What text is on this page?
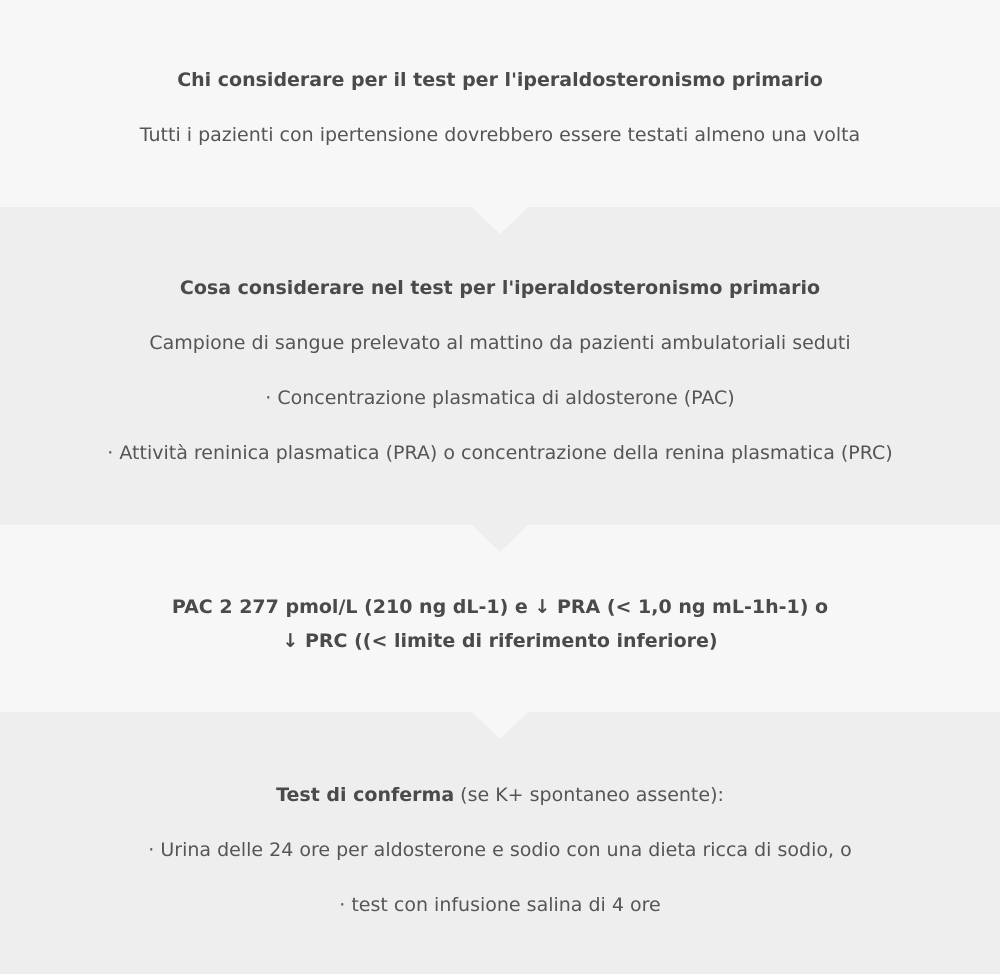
Chi considerare per il test per l'iperaldosteronismo primario
Tutti i pazienti con ipertensione dovrebbero essere testati almeno una volta
Cosa considerare nel test per l'iperaldosteronismo primario
Campione di sangue prelevato al mattino da pazienti ambulatoriali seduti
· Concentrazione plasmatica di aldosterone (PAC)
· Attività reninica plasmatica (PRA) o concentrazione della renina plasmatica (PRC)
PAC 2 277 pmol/L (210 ng dL-1) e ↓ PRA (< 1,0 ng mL-1h-1) o
↓ PRC ((< limite di riferimento inferiore)
Test di conferma (se K+ spontaneo assente):
· Urina delle 24 ore per aldosterone e sodio con una dieta ricca di sodio, o
· test con infusione salina di 4 ore
